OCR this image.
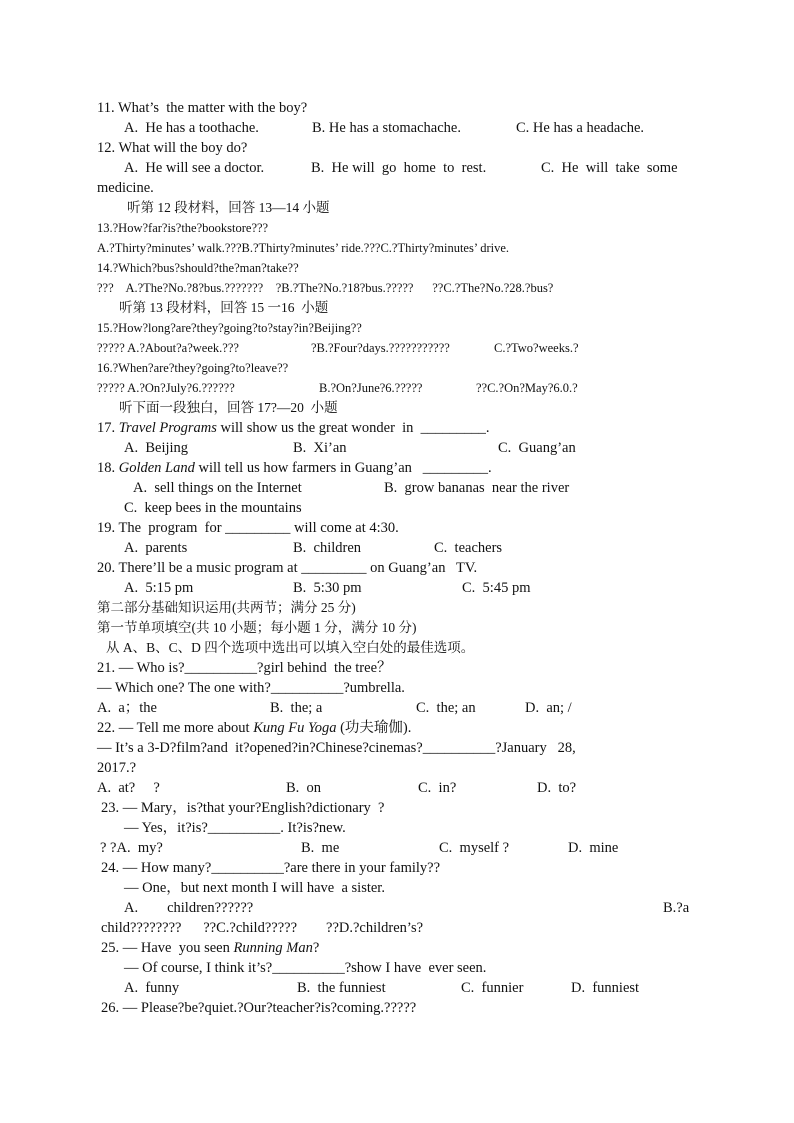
11. What’s  the matter with the boy?
A.  He has a toothache.	B. He has a stomachache.	C. He has a headache.
12. What will the boy do?
A.  He will see a doctor.	B.  He will  go  home  to  rest.	C.  He  will  take  some
medicine.
听第 12 段材料，回答 13—14 小题
13.?How?far?is?the?bookstore???
A.?Thirty?minutes’ walk.???B.?Thirty?minutes’ ride.???C.?Thirty?minutes’ drive.
14.?Which?bus?should?the?man?take??
???    A.?The?No.?8?bus.???????    ?B.?The?No.?18?bus.?????      ??C.?The?No.?28.?bus?
听第 13 段材料，回答 15 一16  小题
15.?How?long?are?they?going?to?stay?in?Beijing??
????? A.?About?a?week.???	?B.?Four?days.???????????	C.?Two?weeks.?
16.?When?are?they?going?to?leave??
????? A.?On?July?6.??????	B.?On?June?6.?????	??C.?On?May?6.0.?
听下面一段独白，回答 17?—20  小题
17. Travel Programs will show us the great wonder  in  _________.
A.  Beijing	B.  Xi’an	C.  Guang’an
18. Golden Land will tell us how farmers in Guang’an   _________.
A.  sell things on the Internet	B.  grow bananas  near the river
C.  keep bees in the mountains
19. The  program  for _________ will come at 4:30.
A.  parents	B.  children	C.  teachers
20. There’ll be a music program at _________ on Guang’an   TV.
A.  5:15 pm	B.  5:30 pm	C.  5:45 pm
第二部分基础知识运用(共两节；满分 25 分)
第一节单项填空(共 10 小题；每小题 1 分，满分 10 分)
从 A、B、C、D 四个选项中选出可以填入空白处的最佳选项。
21. — Who is?__________?girl behind  the tree？
— Which one? The one with?__________?umbrella.
A.  a；the	B.  the; a	C.  the; an	D.  an; /
22. — Tell me more about Kung Fu Yoga (功夫瑜伽).
— It’s a 3-D?film?and  it?opened?in?Chinese?cinemas?__________?January   28,
2017.?
A.  at?     ?	B.  on	C.  in?	D.  to?
23. — Mary，is?that your?English?dictionary  ?
— Yes，it?is?__________. It?is?new.
? ?A.  my?	B.  me	C.  myself ?	D.  mine
24. — How many?__________?are there in your family??
— One，but next month I will have  a sister.
A.        children??????	B.?a
child????????      ??C.?child?????        ??D.?children’s?
25. — Have  you seen Running Man?
— Of course, I think it’s?__________?show I have  ever seen.
A.  funny	B.  the funniest	C.  funnier	D.  funniest
26. — Please?be?quiet.?Our?teacher?is?coming.?????
